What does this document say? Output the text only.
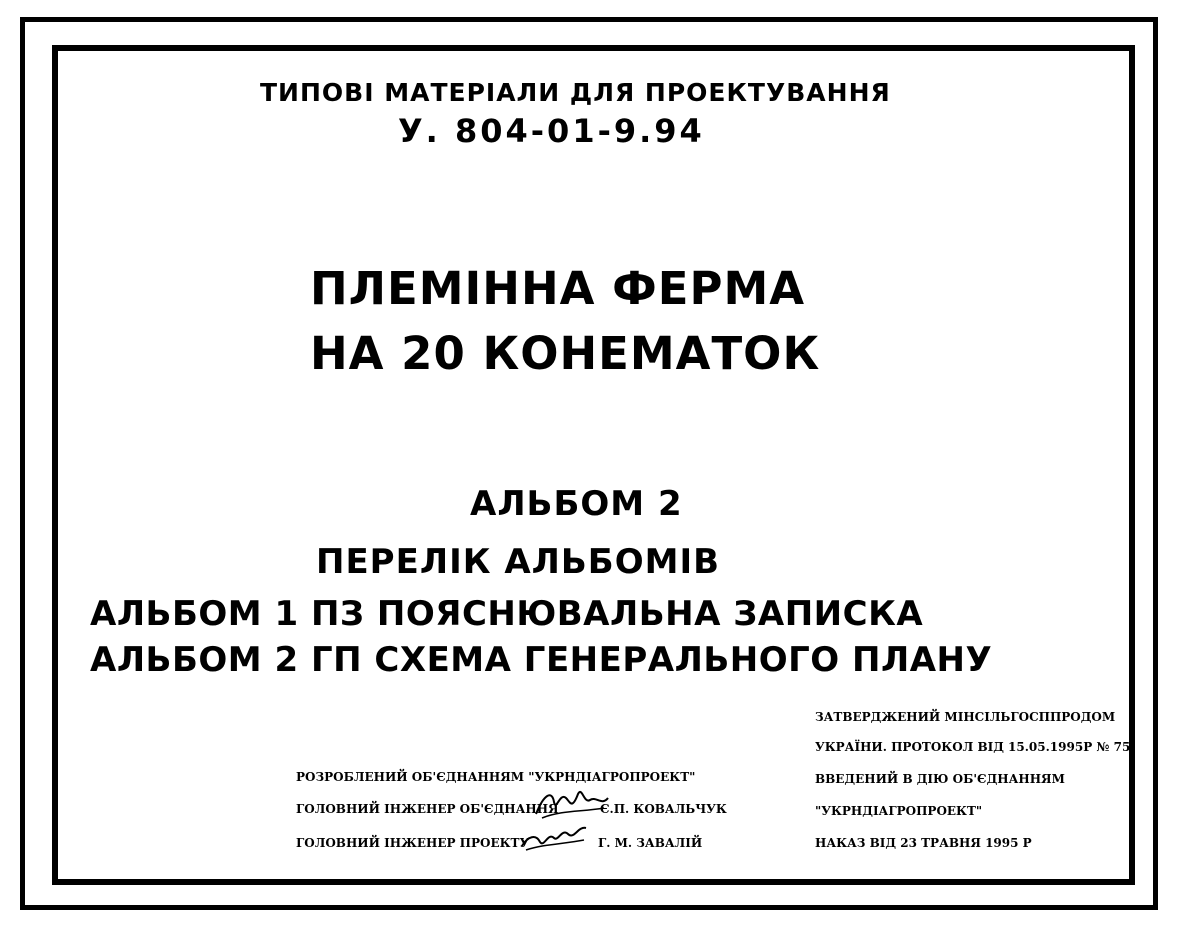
ТИПОВІ МАТЕРІАЛИ ДЛЯ ПРОЕКТУВАННЯ
У. 804-01-9.94
ПЛЕМІННА ФЕРМА
НА 20 КОНЕМАТОК
АЛЬБОМ 2
ПЕРЕЛІК АЛЬБОМІВ
АЛЬБОМ 1 ПЗ ПОЯСНЮВАЛЬНА ЗАПИСКА
АЛЬБОМ 2 ГП СХЕМА ГЕНЕРАЛЬНОГО ПЛАНУ
РОЗРОБЛЕНИЙ ОБ'ЄДНАННЯМ "УКРНДІАГРОПРОЕКТ"
ГОЛОВНИЙ ІНЖЕНЕР ОБ'ЄДНАННЯ	Є.П. КОВАЛЬЧУК
ГОЛОВНИЙ ІНЖЕНЕР ПРОЕКТУ	Г. М. ЗАВАЛІЙ
ЗАТВЕРДЖЕНИЙ МІНСІЛЬГОСППРОДОМ
УКРАЇНИ. ПРОТОКОЛ ВІД 15.05.1995Р № 75
ВВЕДЕНИЙ В ДІЮ ОБ'ЄДНАННЯМ
"УКРНДІАГРОПРОЕКТ"
НАКАЗ ВІД 23 ТРАВНЯ 1995 Р
